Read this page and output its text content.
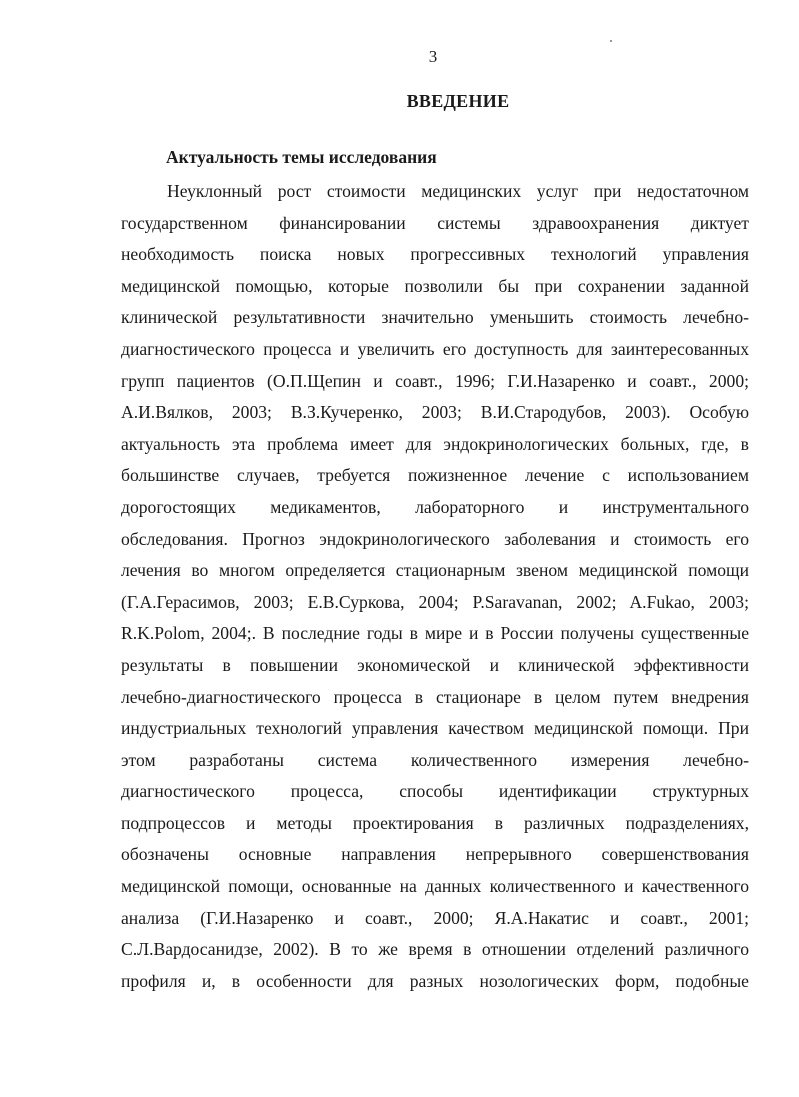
3
ВВЕДЕНИЕ
Актуальность темы исследования
Неуклонный рост стоимости медицинских услуг при недостаточном
государственном финансировании системы здравоохранения диктует
необходимость поиска новых прогрессивных технологий управления
медицинской помощью, которые позволили бы при сохранении заданной
клинической результативности значительно уменьшить стоимость лечебно-
диагностического процесса и увеличить его доступность для заинтересованных
групп пациентов (О.П.Щепин и соавт., 1996; Г.И.Назаренко и соавт., 2000;
А.И.Вялков, 2003; В.З.Кучеренко, 2003; В.И.Стародубов, 2003). Особую
актуальность эта проблема имеет для эндокринологических больных, где, в
большинстве случаев, требуется пожизненное лечение с использованием
дорогостоящих медикаментов, лабораторного и инструментального
обследования. Прогноз эндокринологического заболевания и стоимость его
лечения во многом определяется стационарным звеном медицинской помощи
(Г.А.Герасимов, 2003; Е.В.Суркова, 2004; P.Saravanan, 2002; A.Fukao, 2003;
R.K.Polom, 2004;. В последние годы в мире и в России получены существенные
результаты в повышении экономической и клинической эффективности
лечебно-диагностического процесса в стационаре в целом путем внедрения
индустриальных технологий управления качеством медицинской помощи. При
этом разработаны система количественного измерения лечебно-
диагностического процесса, способы идентификации структурных
подпроцессов и методы проектирования в различных подразделениях,
обозначены основные направления непрерывного совершенствования
медицинской помощи, основанные на данных количественного и качественного
анализа (Г.И.Назаренко и соавт., 2000; Я.А.Накатис и соавт., 2001;
С.Л.Вардосанидзе, 2002). В то же время в отношении отделений различного
профиля и, в особенности для разных нозологических форм, подобные
